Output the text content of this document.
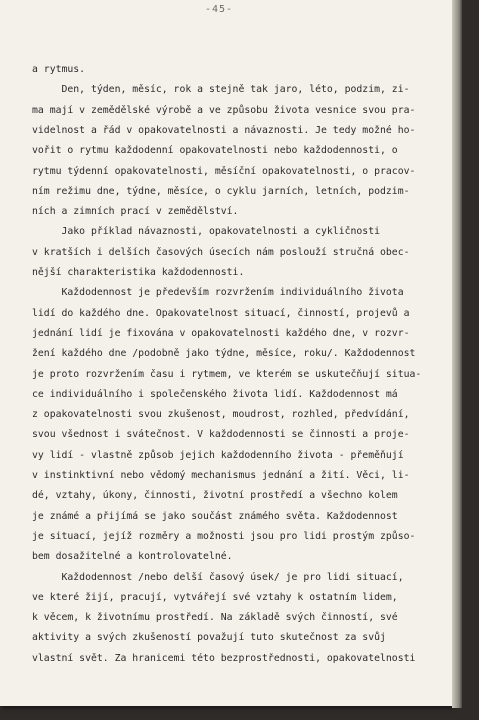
-45-
a rytmus.
Den, týden, měsíc, rok a stejně tak jaro, léto, podzim, zi-
ma mají v zemědělské výrobě a ve způsobu života vesnice svou pra-
videlnost a řád v opakovatelnosti a návaznosti. Je tedy možné ho-
vořit o rytmu každodenní opakovatelnosti nebo každodennosti, o
rytmu týdenní opakovatelnosti, měsíční opakovatelnosti, o pracov-
ním režimu dne, týdne, měsíce, o cyklu jarních, letních, podzim-
ních a zimních prací v zemědělství.
Jako příklad návaznosti, opakovatelnosti a cykličnosti
v kratších i delších časových úsecích nám poslouží stručná obec-
nější charakteristika každodennosti.
Každodennost je především rozvržením individuálního života
lidí do každého dne. Opakovatelnost situací, činností, projevů a
jednání lidí je fixována v opakovatelnosti každého dne, v rozvr-
žení každého dne /podobně jako týdne, měsíce, roku/. Každodennost
je proto rozvržením času i rytmem, ve kterém se uskutečňují situa-
ce individuálního i společenského života lidí. Každodennost má
z opakovatelnosti svou zkušenost, moudrost, rozhled, předvídání,
svou všednost i svátečnost. V každodennosti se činnosti a proje-
vy lidí - vlastně způsob jejich každodenního života - přeměňují
v instinktivní nebo vědomý mechanismus jednání a žití. Věci, li-
dé, vztahy, úkony, činnosti, životní prostředí a všechno kolem
je známé a přijímá se jako součást známého světa. Každodennost
je situací, jejíž rozměry a možnosti jsou pro lidi prostým způso-
bem dosažitelné a kontrolovatelné.
Každodennost /nebo delší časový úsek/ je pro lidi situací,
ve které žijí, pracují, vytvářejí své vztahy k ostatním lidem,
k věcem, k životnímu prostředí. Na základě svých činností, své
aktivity a svých zkušeností považují tuto skutečnost za svůj
vlastní svět. Za hranicemi této bezprostřednosti, opakovatelnosti
